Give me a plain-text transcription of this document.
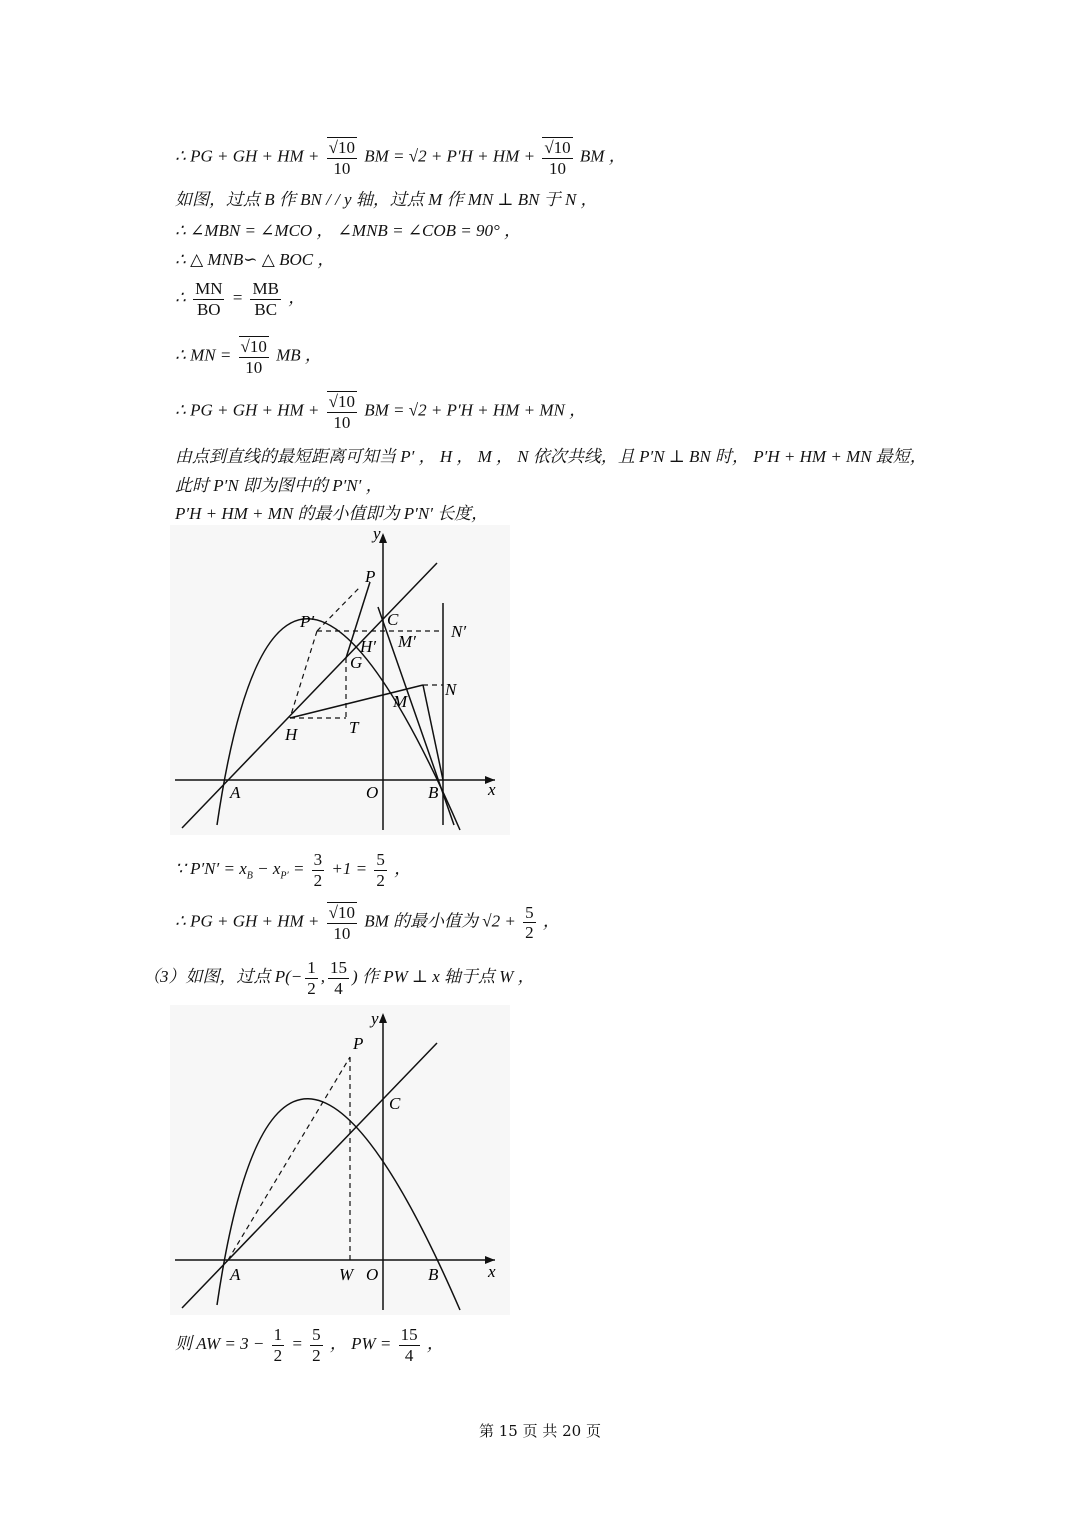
∴ PG + GH + HM + $\frac{√10}{10}$ BM = √2 + P′H + HM + $\frac{√10}{10}$ BM ，
如图，过点 B 作 BN / / y 轴，过点 M 作 MN ⊥ BN 于 N ，
∴ ∠MBN = ∠MCO ， ∠MNB = ∠COB = 90° ，
∴ △ MNB∽ △ BOC ，
∴ $\frac{MN}{BO} = \frac{MB}{BC}$ ，
∴ MN = $\frac{√10}{10}$ MB ，
∴ PG + GH + HM + $\frac{√10}{10}$ BM = √2 + P′H + HM + MN ，
由点到直线的最短距离可知当 P′ ， H ， M ， N 依次共线，且 P′N ⊥ BN 时， P′H + HM + MN 最短，
此时 P′N 即为图中的 P′N′ ，
P′H + HM + MN 的最小值即为 P′N′ 长度，
y
x
P
P′	C
N′
H′ M′
G
N
M
H	T
A	O	B
∵ $P'N' = x_B - x_{P'} = \frac{3}{2} +1 = \frac{5}{2}$ ，
∴ PG + GH + HM + $\frac{√10}{10}$ BM 的最小值为 $√2 + \frac{5}{2}$ ，
（3）如图，过点 $P(- \frac{1}{2}$ , $\frac{15}{4}$ ) 作 PW ⊥ x 轴于点 W ，
y
x
P
C
A	W O	B
则 AW = $3 - \frac{1}{2} = \frac{5}{2}$ ， PW = $\frac{15}{4}$ ，
第 15 页 共 20 页
